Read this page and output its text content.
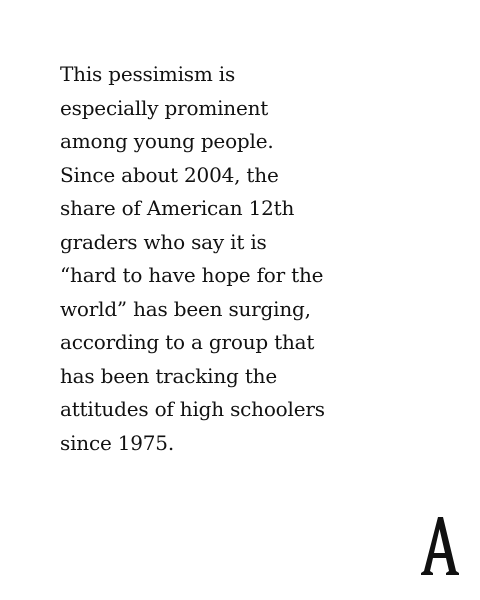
This pessimism is
especially prominent
among young people.
Since about 2004, the
share of American 12th
graders who say it is
“hard to have hope for the
world” has been surging,
according to a group that
has been tracking the
attitudes of high schoolers
since 1975.
